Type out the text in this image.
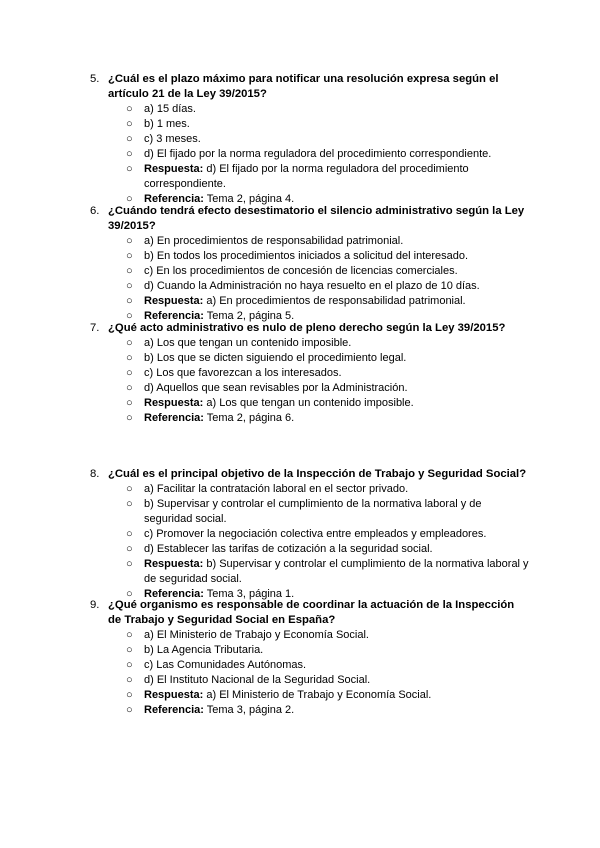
5. ¿Cuál es el plazo máximo para notificar una resolución expresa según el artículo 21 de la Ley 39/2015?
○ a) 15 días.
○ b) 1 mes.
○ c) 3 meses.
○ d) El fijado por la norma reguladora del procedimiento correspondiente.
○ Respuesta: d) El fijado por la norma reguladora del procedimiento correspondiente.
○ Referencia: Tema 2, página 4.
6. ¿Cuándo tendrá efecto desestimatorio el silencio administrativo según la Ley 39/2015?
○ a) En procedimientos de responsabilidad patrimonial.
○ b) En todos los procedimientos iniciados a solicitud del interesado.
○ c) En los procedimientos de concesión de licencias comerciales.
○ d) Cuando la Administración no haya resuelto en el plazo de 10 días.
○ Respuesta: a) En procedimientos de responsabilidad patrimonial.
○ Referencia: Tema 2, página 5.
7. ¿Qué acto administrativo es nulo de pleno derecho según la Ley 39/2015?
○ a) Los que tengan un contenido imposible.
○ b) Los que se dicten siguiendo el procedimiento legal.
○ c) Los que favorezcan a los interesados.
○ d) Aquellos que sean revisables por la Administración.
○ Respuesta: a) Los que tengan un contenido imposible.
○ Referencia: Tema 2, página 6.
8. ¿Cuál es el principal objetivo de la Inspección de Trabajo y Seguridad Social?
○ a) Facilitar la contratación laboral en el sector privado.
○ b) Supervisar y controlar el cumplimiento de la normativa laboral y de seguridad social.
○ c) Promover la negociación colectiva entre empleados y empleadores.
○ d) Establecer las tarifas de cotización a la seguridad social.
○ Respuesta: b) Supervisar y controlar el cumplimiento de la normativa laboral y de seguridad social.
○ Referencia: Tema 3, página 1.
9. ¿Qué organismo es responsable de coordinar la actuación de la Inspección de Trabajo y Seguridad Social en España?
○ a) El Ministerio de Trabajo y Economía Social.
○ b) La Agencia Tributaria.
○ c) Las Comunidades Autónomas.
○ d) El Instituto Nacional de la Seguridad Social.
○ Respuesta: a) El Ministerio de Trabajo y Economía Social.
○ Referencia: Tema 3, página 2.
